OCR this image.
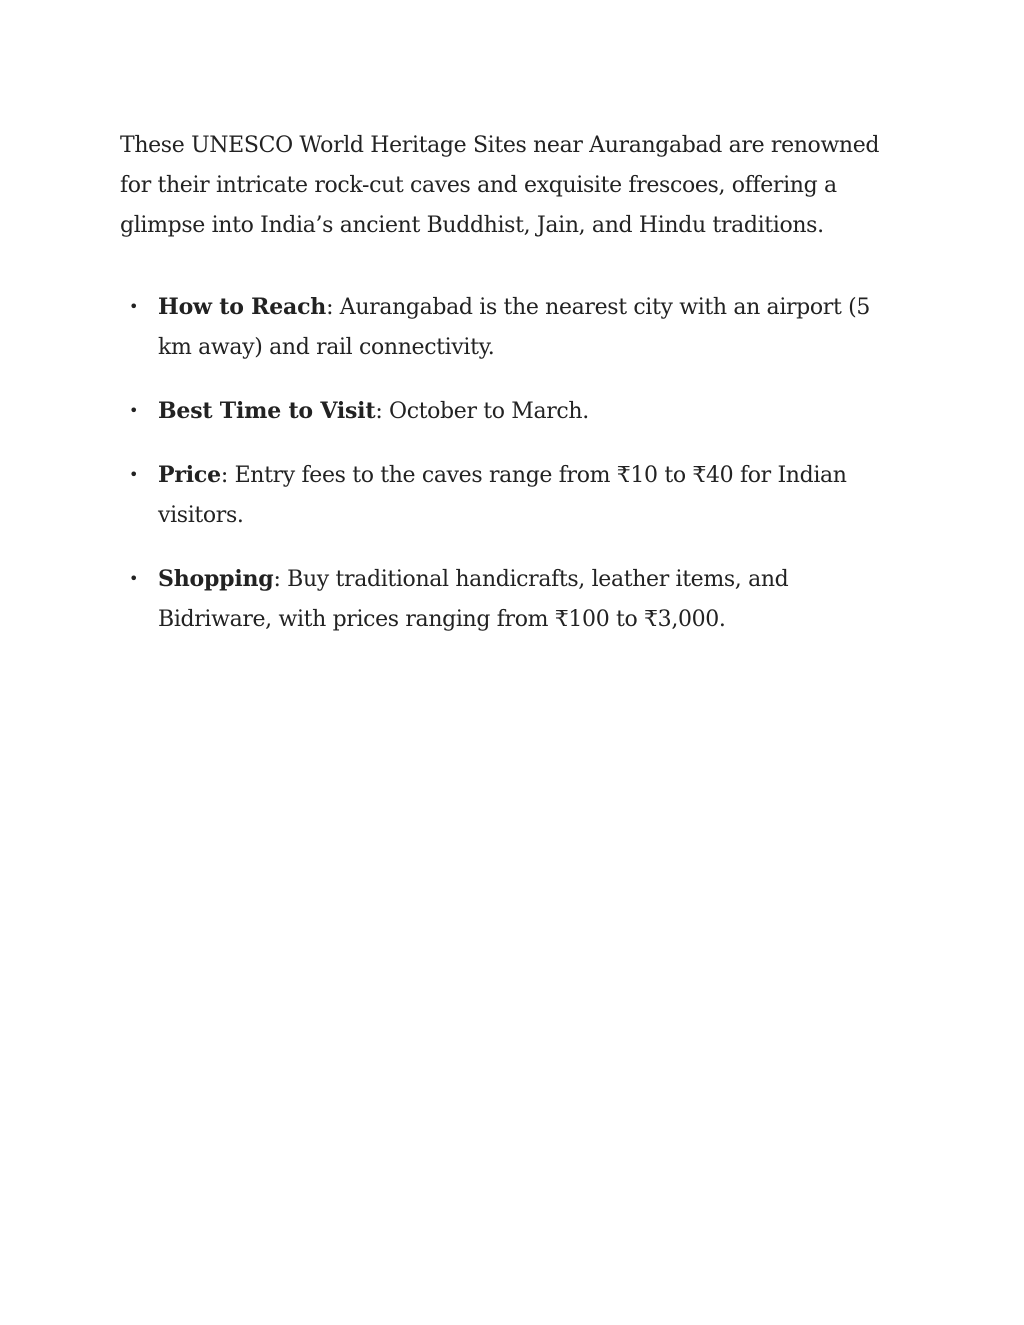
These UNESCO World Heritage Sites near Aurangabad are renowned for their intricate rock-cut caves and exquisite frescoes, offering a glimpse into India’s ancient Buddhist, Jain, and Hindu traditions.

• How to Reach: Aurangabad is the nearest city with an airport (5 km away) and rail connectivity.
• Best Time to Visit: October to March.
• Price: Entry fees to the caves range from ₹10 to ₹40 for Indian visitors.
• Shopping: Buy traditional handicrafts, leather items, and Bidriware, with prices ranging from ₹100 to ₹3,000.
